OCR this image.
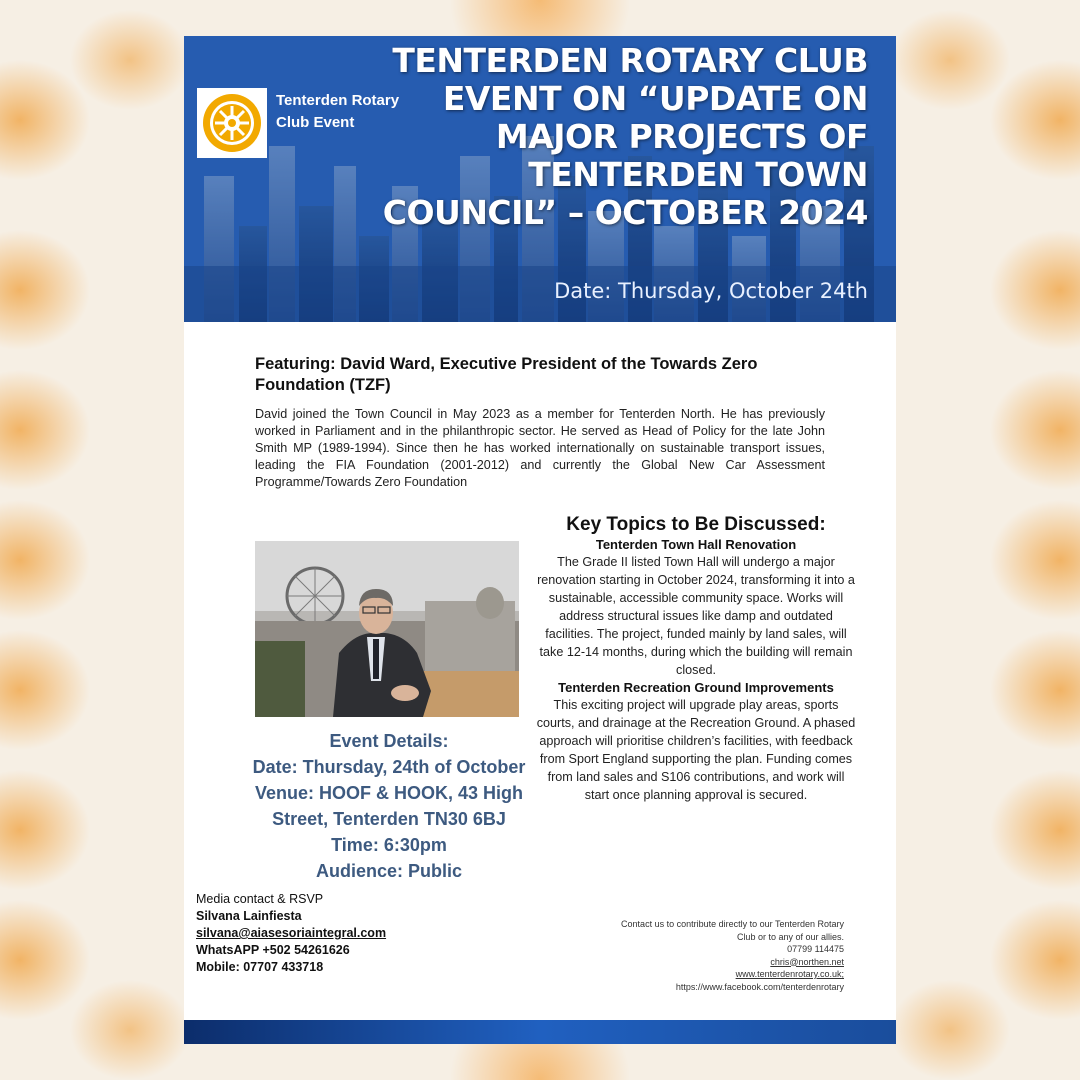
Tenterden Rotary
Club Event
TENTERDEN ROTARY CLUB
EVENT ON “UPDATE ON
MAJOR PROJECTS OF
TENTERDEN TOWN
COUNCIL” – OCTOBER 2024
Date: Thursday, October 24th
Featuring: David Ward, Executive President of the Towards Zero Foundation (TZF)
David joined the Town Council in May 2023 as a member for Tenterden North. He has previously worked in Parliament and in the philanthropic sector. He served as Head of Policy for the late John Smith MP (1989-1994). Since then he has worked internationally on sustainable transport issues, leading the FIA Foundation (2001-2012) and currently the Global New Car Assessment Programme/Towards Zero Foundation
Event Details:
Date: Thursday, 24th of October
Venue: HOOF & HOOK, 43 High
Street, Tenterden TN30 6BJ
Time: 6:30pm
Audience: Public
Media contact & RSVP
Silvana Lainfiesta
silvana@aiasesoriaintegral.com
WhatsAPP +502 54261626
Mobile: 07707 433718
Key Topics to Be Discussed:
Tenterden Town Hall Renovation
The Grade II listed Town Hall will undergo a major renovation starting in October 2024, transforming it into a sustainable, accessible community space. Works will address structural issues like damp and outdated facilities. The project, funded mainly by land sales, will take 12-14 months, during which the building will remain closed.
Tenterden Recreation Ground Improvements
This exciting project will upgrade play areas, sports courts, and drainage at the Recreation Ground. A phased approach will prioritise children’s facilities, with feedback from Sport England supporting the plan. Funding comes from land sales and S106 contributions, and work will start once planning approval is secured.
Contact us to contribute directly to our Tenterden Rotary
Club or to any of our allies.
07799 114475
chris@northen.net
www.tenterdenrotary.co.uk;
https://www.facebook.com/tenterdenrotary
